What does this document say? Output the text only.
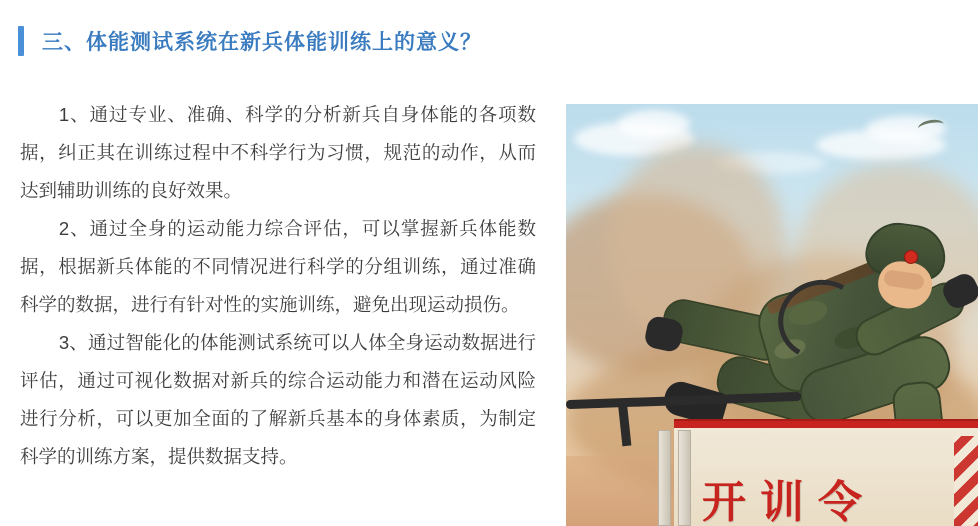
三、体能测试系统在新兵体能训练上的意义？

1、通过专业、准确、科学的分析新兵自身体能的各项数据，纠正其在训练过程中不科学行为习惯，规范的动作，从而达到辅助训练的良好效果。

2、通过全身的运动能力综合评估，可以掌握新兵体能数据，根据新兵体能的不同情况进行科学的分组训练，通过准确科学的数据，进行有针对性的实施训练，避免出现运动损伤。

3、通过智能化的体能测试系统可以人体全身运动数据进行评估，通过可视化数据对新兵的综合运动能力和潜在运动风险进行分析，可以更加全面的了解新兵基本的身体素质，为制定科学的训练方案，提供数据支持。

开训令
